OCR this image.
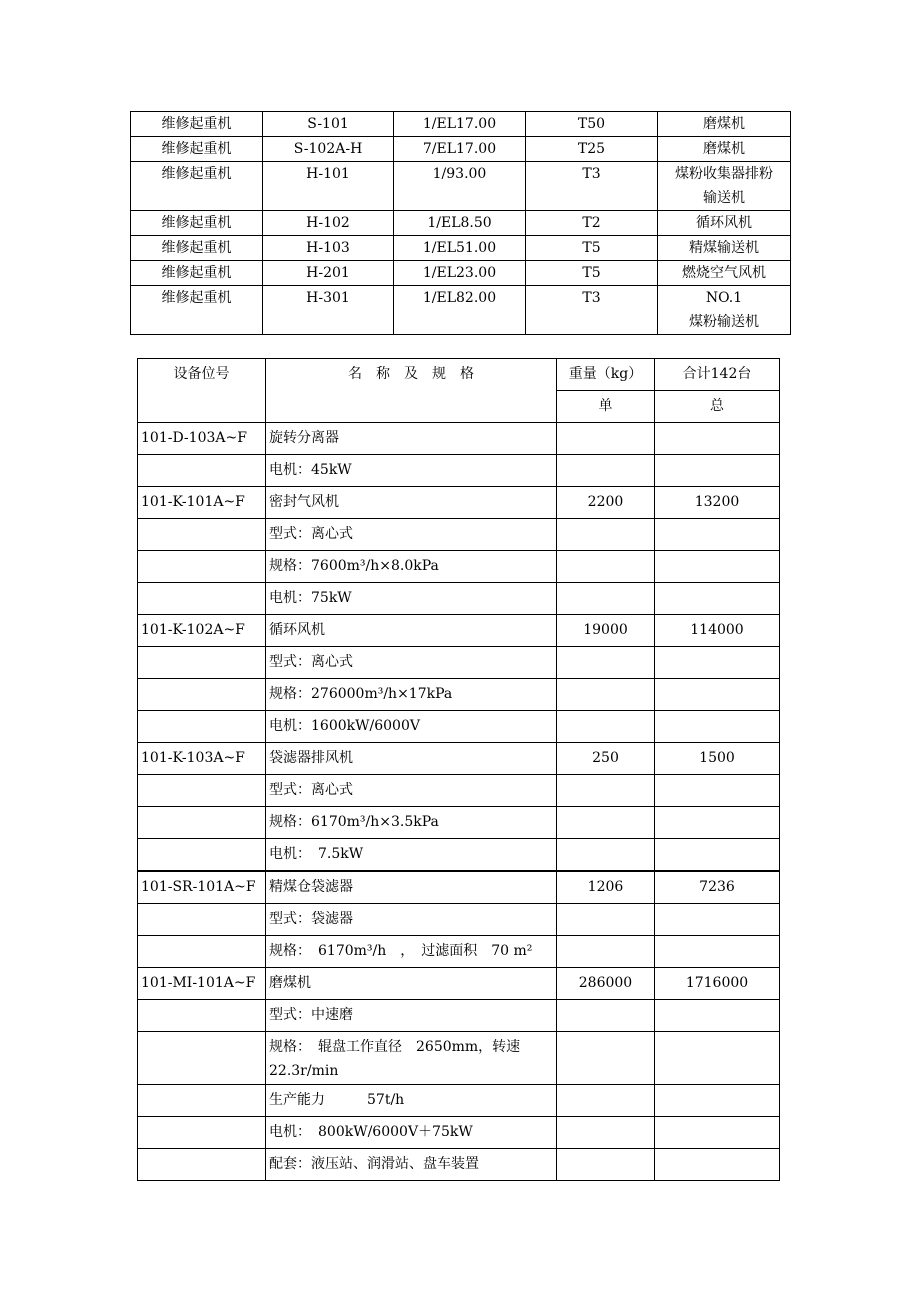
维修起重机	S-101	1/EL17.00	T50	磨煤机

维修起重机	S-102A-H	7/EL17.00	T25	磨煤机

维修起重机	H-101	1/93.00	T3	煤粉收集器排粉
输送机

维修起重机	H-102	1/EL8.50	T2	循环风机

维修起重机	H-103	1/EL51.00	T5	精煤输送机

维修起重机	H-201	1/EL23.00	T5	燃烧空气风机

维修起重机	H-301	1/EL82.00	T3	NO.1
煤粉输送机
设备位号	名　称　及　规　格	重量（kg）	合计142台
		单	总
101-D-103A~F	旋转分离器		
	电机：45kW		
101-K-101A~F	密封气风机	2200	13200
	型式：离心式		
	规格：7600m³/h×8.0kPa		
	电机：75kW		
101-K-102A~F	循环风机	19000	114000
	型式：离心式		
	规格：276000m³/h×17kPa		
	电机：1600kW/6000V		
101-K-103A~F	袋滤器排风机	250	1500
	型式：离心式		
	规格：6170m³/h×3.5kPa		
	电机：　7.5kW		
101-SR-101A~F	精煤仓袋滤器	1206	7236
	型式：袋滤器		
	规格：　6170m³/h　，　过滤面积　70 m²		
101-MI-101A~F	磨煤机	286000	1716000
	型式：中速磨		
	规格：　辊盘工作直径　2650mm，转速 22.3r/min		
	生产能力　　　57t/h		
	电机：　800kW/6000V＋75kW		
	配套：液压站、润滑站、盘车装置		
